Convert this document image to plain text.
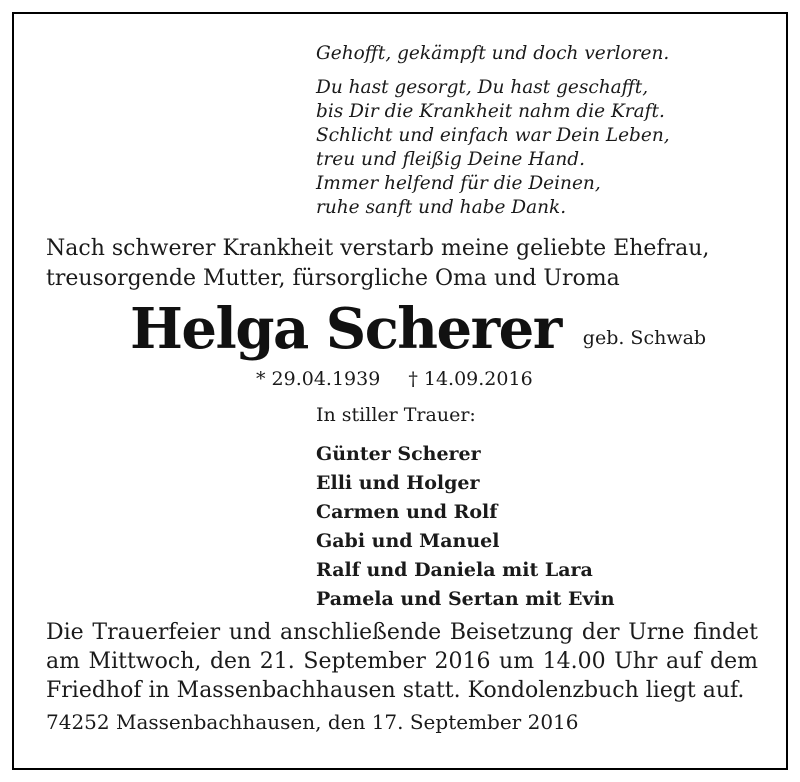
Gehofft, gekämpft und doch verloren.
Du hast gesorgt, Du hast geschafft,
bis Dir die Krankheit nahm die Kraft.
Schlicht und einfach war Dein Leben,
treu und fleißig Deine Hand.
Immer helfend für die Deinen,
ruhe sanft und habe Dank.
Nach schwerer Krankheit verstarb meine geliebte Ehefrau,
treusorgende Mutter, fürsorgliche Oma und Uroma
Helga Scherer geb. Schwab
* 29.04.1939 † 14.09.2016
In stiller Trauer:
Günter Scherer
Elli und Holger
Carmen und Rolf
Gabi und Manuel
Ralf und Daniela mit Lara
Pamela und Sertan mit Evin
Die Trauerfeier und anschließende Beisetzung der Urne findet am Mittwoch, den 21. September 2016 um 14.00 Uhr auf dem Friedhof in Massenbachhausen statt. Kondolenzbuch liegt auf.
74252 Massenbachhausen, den 17. September 2016
